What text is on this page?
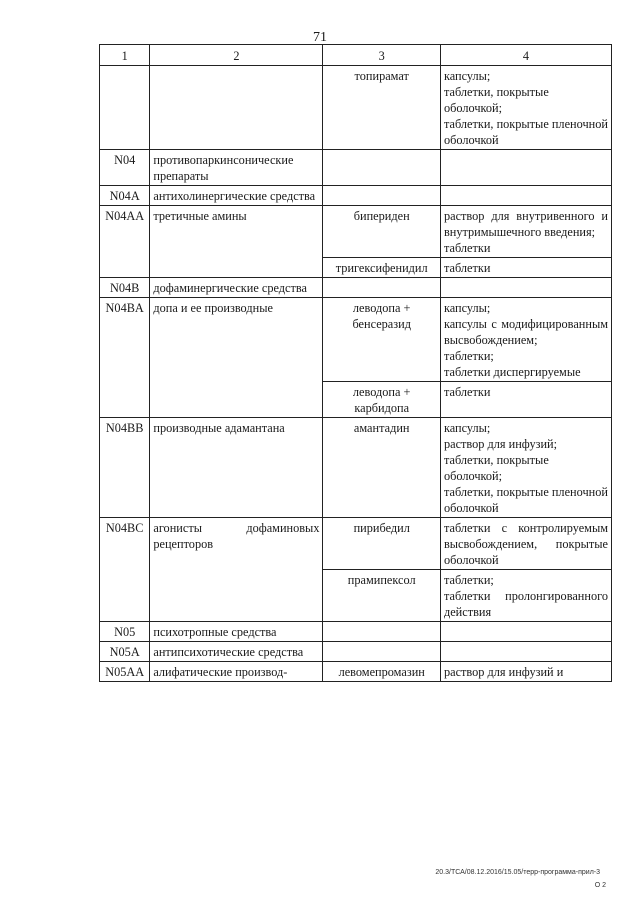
71
1	2	3	4
		топирамат	капсулы;
таблетки, покрытые оболочкой;
таблетки, покрытые пленочной оболочкой

N04	противопаркинсонические препараты		
N04A	антихолинергические средства		
N04AA	третичные амины	бипериден	раствор для внутривенного и внутримышечного введения;
таблетки

		тригексифенидил	таблетки

N04B	дофаминергические средства		
N04BA	допа и ее производные	леводопа + бенсеразид	капсулы;
капсулы с модифицированным высвобождением;
таблетки;
таблетки диспергируемые

		леводопа + карбидопа	таблетки

N04BB	производные адамантана	амантадин	капсулы;
раствор для инфузий;
таблетки, покрытые оболочкой;
таблетки, покрытые пленочной оболочкой

N04BC	агонисты дофаминовых рецепторов	пирибедил	таблетки с контролируемым высвобождением, покрытые оболочкой

		прамипексол	таблетки;
таблетки пролонгированного действия

N05	психотропные средства		
N05A	антипсихотические средства		
N05AA	алифатические производ-	левомепромазин	раствор для инфузий и
20.3/ТСА/08.12.2016/15.05/терр-программа-прил-3
О 2
